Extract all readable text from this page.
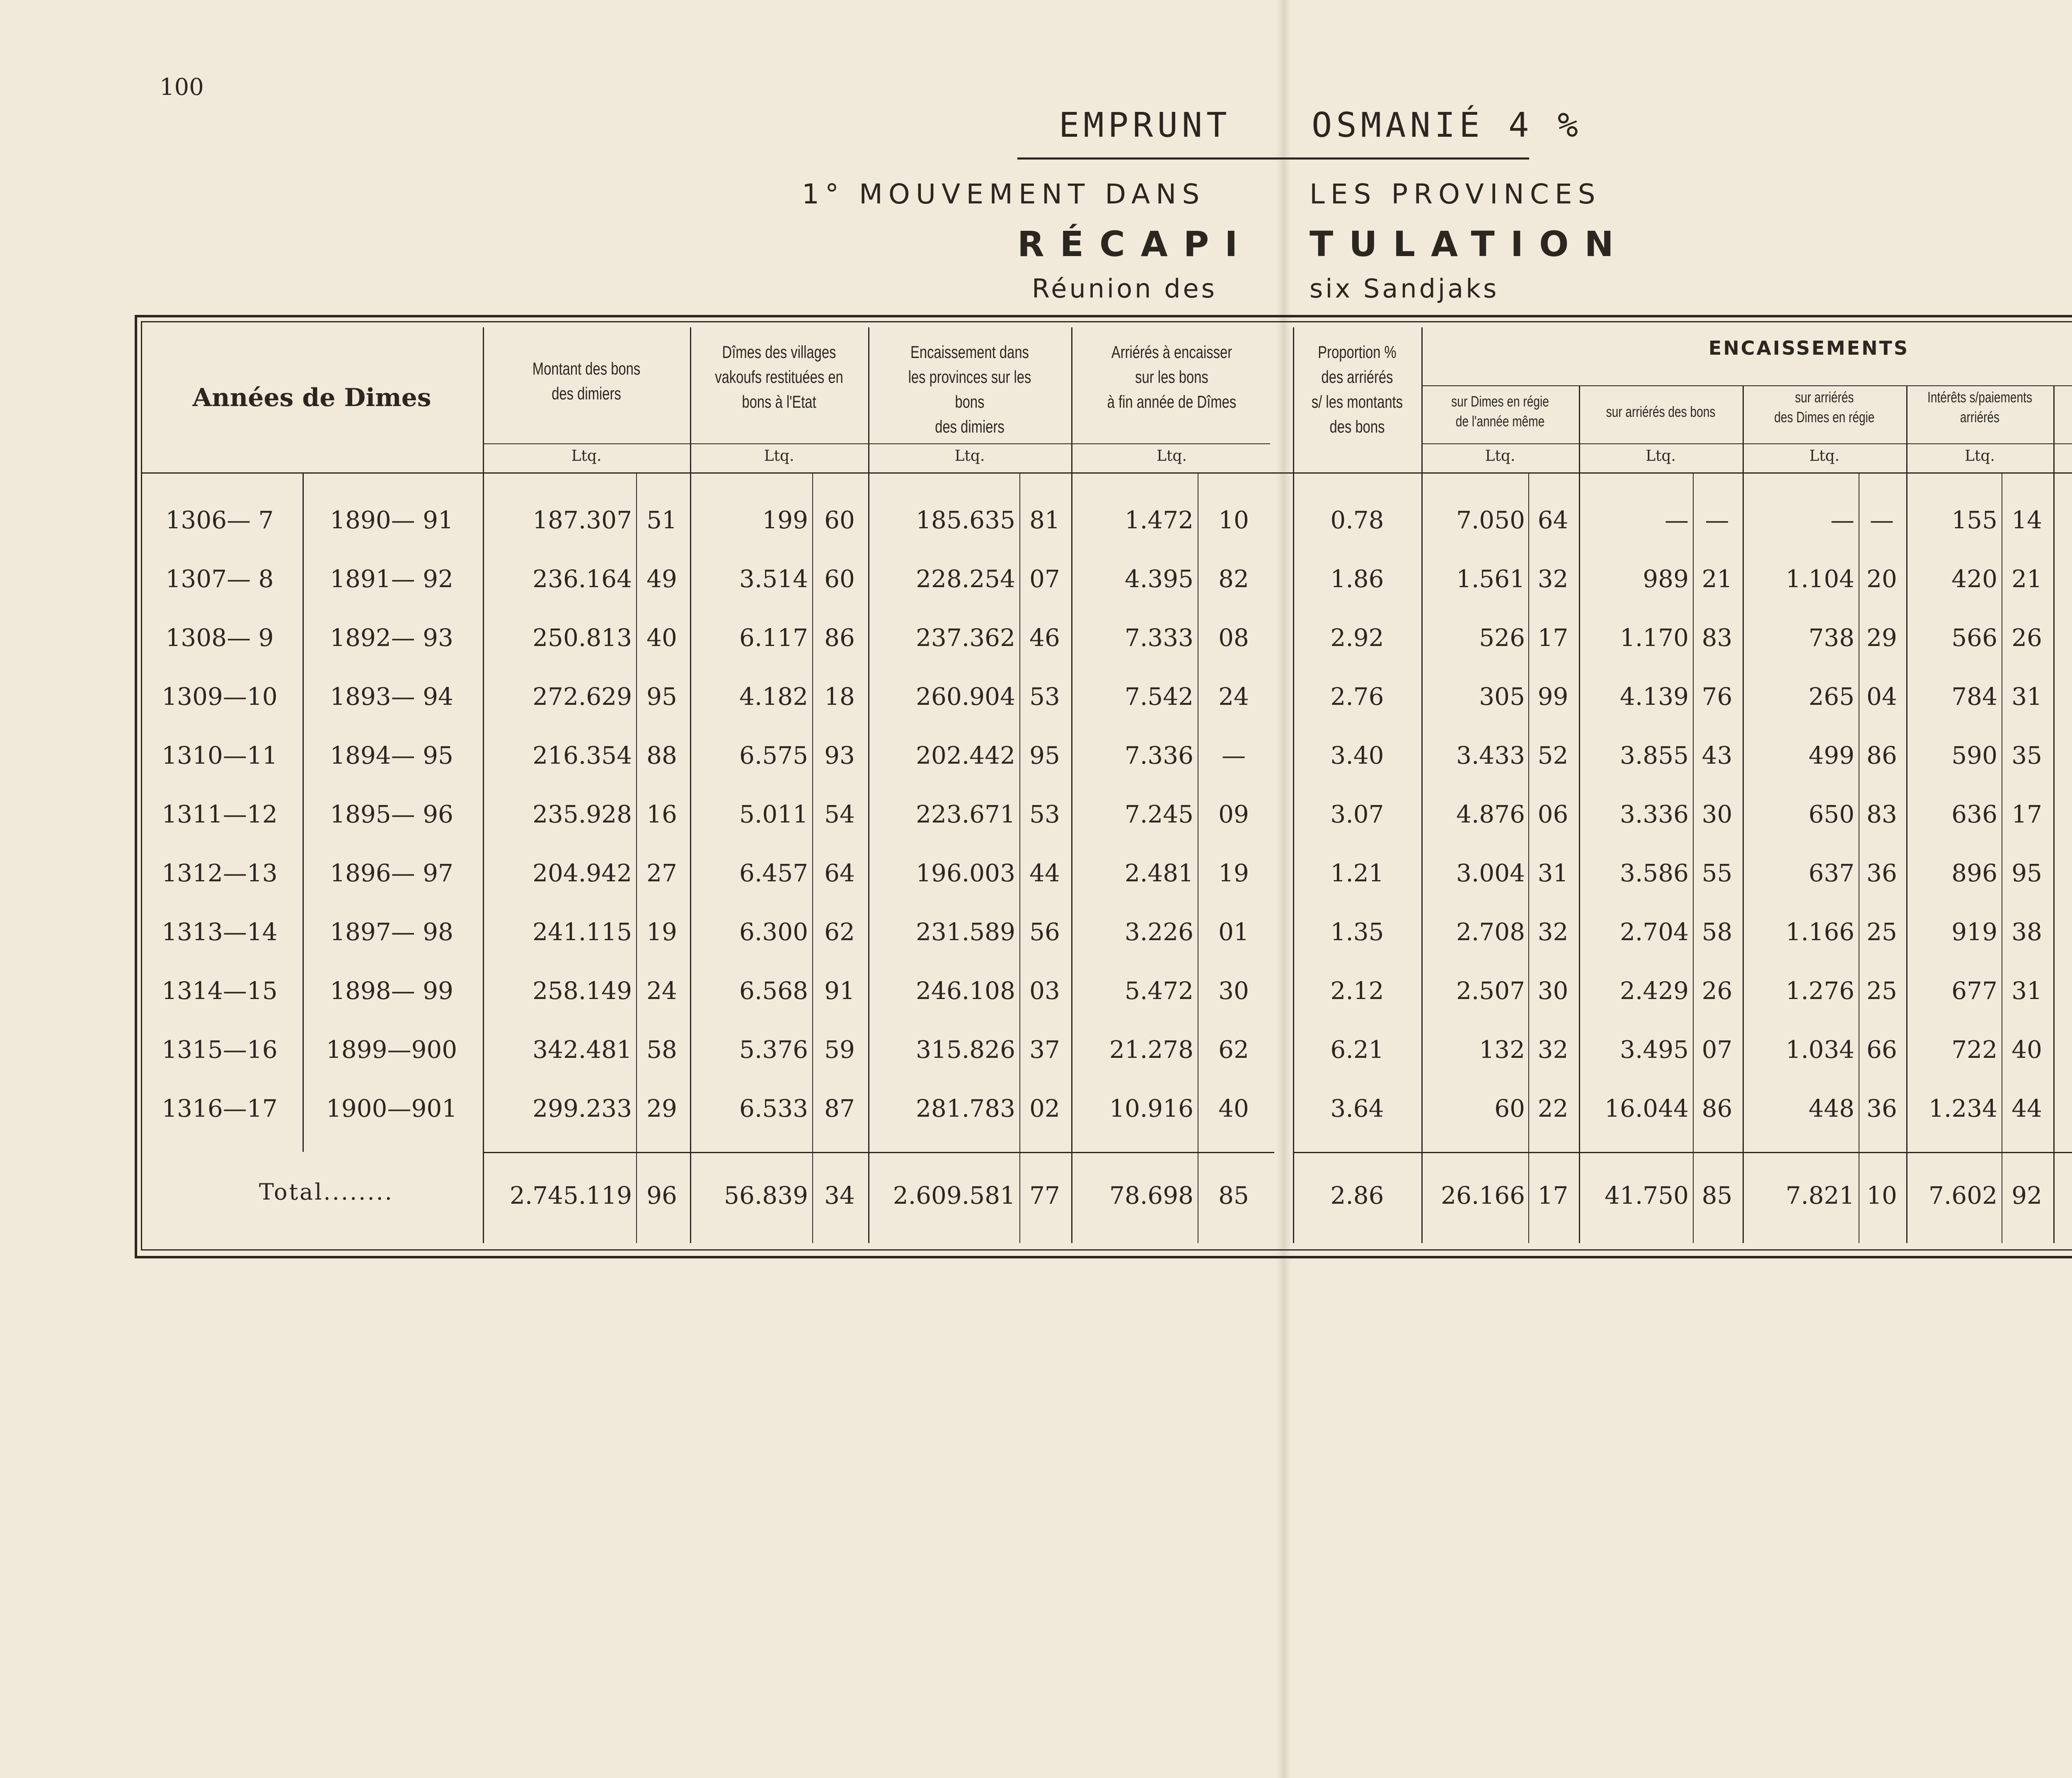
100
EMPRUNT OSMANIÉ 4 %
1° MOUVEMENT DANS	LES PROVINCES
RÉCAPI TULATION
Réunion des	six Sandjaks
Années de Dimes
Montant des bons
des dimiers
Ltq.
Dîmes des villages
vakoufs restituées en
bons à l'Etat
Ltq.
Encaissement dans
les provinces sur les bons
des dimiers
Ltq.
Arriérés à encaisser
sur les bons
à fin année de Dîmes
Ltq.
Proportion %
des arriérés
s/ les montants
des bons
ENCAISSEMENTS
sur Dimes en régie
de l'année même
Ltq.
sur arriérés des bons
Ltq.
sur arriérés
des Dimes en régie
Ltq.
Intérêts s/paiements
arriérés
Ltq.
1306— 7	1890— 91	187.307 51	199 60	185.635 81	1.472	10	0.78	7.050 64	— —	— —	155 14
1307— 8	1891— 92	236.164 49	3.514 60	228.254 07	4.395	82	1.86	1.561 32	989 21	1.104 20	420 21
1308— 9	1892— 93	250.813 40	6.117 86	237.362 46	7.333	08	2.92	526 17	1.170 83	738 29	566 26
1309—10	1893— 94	272.629 95	4.182 18	260.904 53	7.542	24	2.76	305 99	4.139 76	265 04	784 31
1310—11	1894— 95	216.354 88	6.575 93	202.442 95	7.336	—	3.40	3.433 52	3.855 43	499 86	590 35
1311—12	1895— 96	235.928 16	5.011 54	223.671 53	7.245	09	3.07	4.876 06	3.336 30	650 83	636 17
1312—13	1896— 97	204.942 27	6.457 64	196.003 44	2.481	19	1.21	3.004 31	3.586 55	637 36	896 95
1313—14	1897— 98	241.115 19	6.300 62	231.589 56	3.226	01	1.35	2.708 32	2.704 58	1.166 25	919 38
1314—15	1898— 99	258.149 24	6.568 91	246.108 03	5.472	30	2.12	2.507 30	2.429 26	1.276 25	677 31
1315—16	1899—900	342.481 58	5.376 59	315.826 37	21.278	62	6.21	132 32	3.495 07	1.034 66	722 40
1316—17	1900—901	299.233 29	6.533 87	281.783 02	10.916	40	3.64	60 22	16.044 86	448 36	1.234 44
Total........	2.745.119 96	56.839 34	2.609.581 77	78.698	85	2.86	26.166 17	41.750 85	7.821 10	7.602 92
